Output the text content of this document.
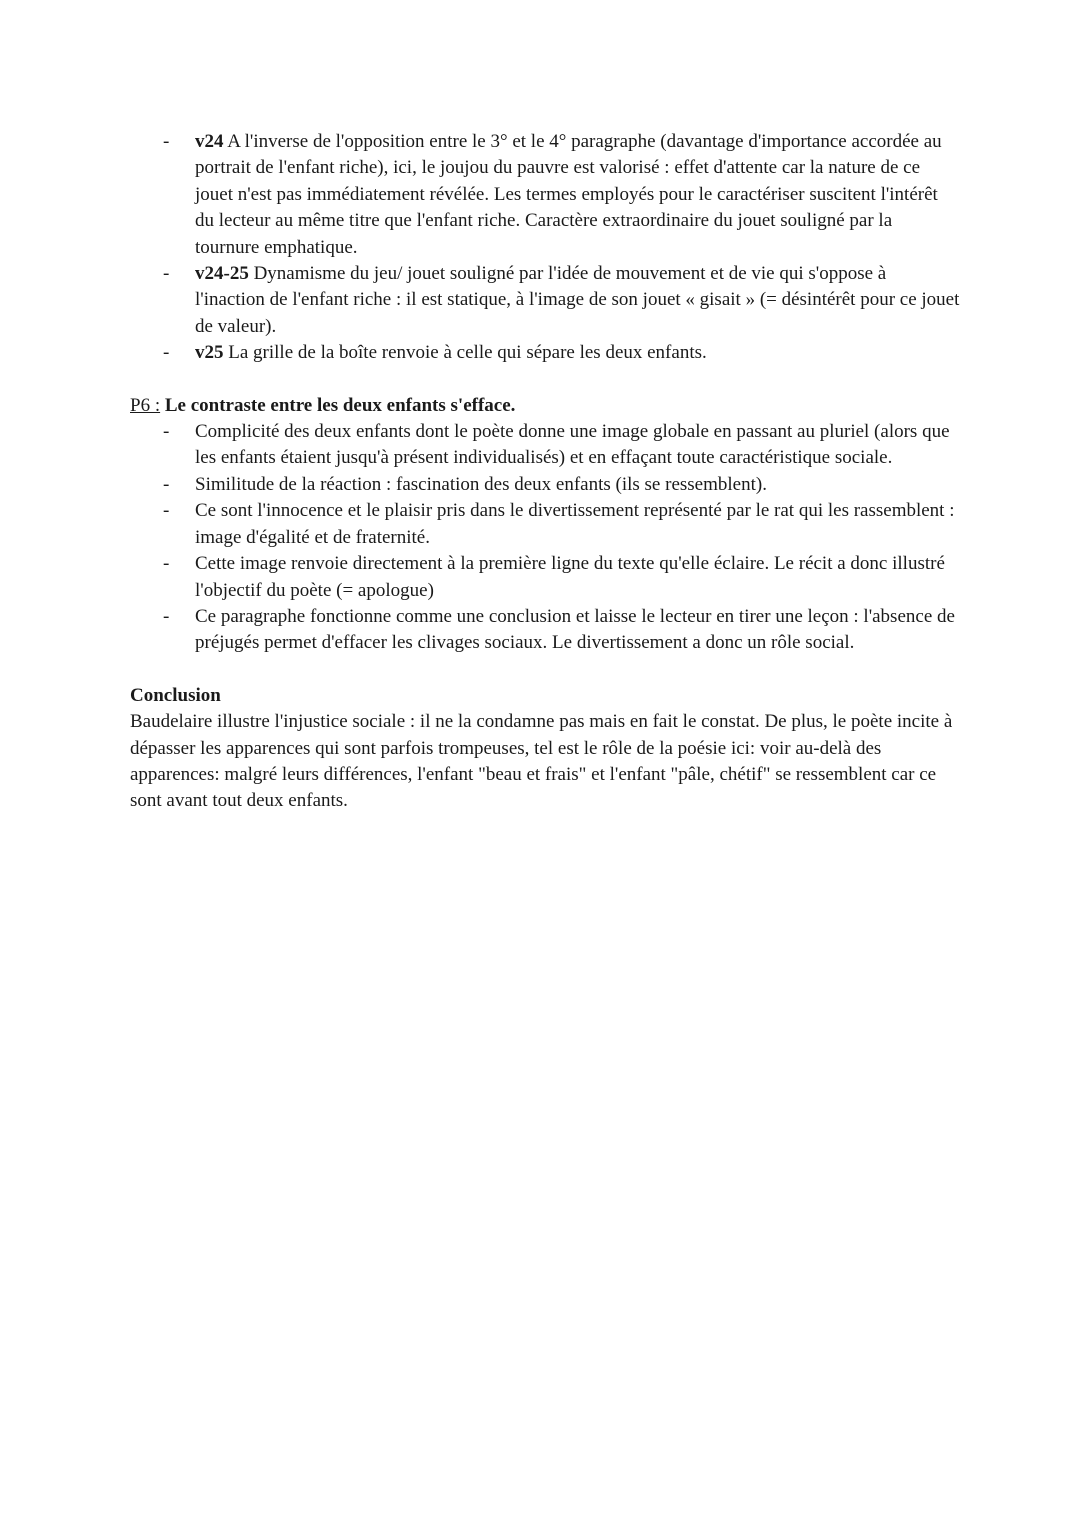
- v24 A l'inverse de l'opposition entre le 3° et le 4° paragraphe (davantage d'importance accordée au portrait de l'enfant riche), ici, le joujou du pauvre est valorisé : effet d'attente car la nature de ce jouet n'est pas immédiatement révélée. Les termes employés pour le caractériser suscitent l'intérêt du lecteur au même titre que l'enfant riche. Caractère extraordinaire du jouet souligné par la tournure emphatique.
- v24-25 Dynamisme du jeu/ jouet souligné par l'idée de mouvement et de vie qui s'oppose à l'inaction de l'enfant riche : il est statique, à l'image de son jouet « gisait » (= désintérêt pour ce jouet de valeur).
- v25 La grille de la boîte renvoie à celle qui sépare les deux enfants.

P6 : Le contraste entre les deux enfants s'efface.

- Complicité des deux enfants dont le poète donne une image globale en passant au pluriel (alors que les enfants étaient jusqu'à présent individualisés) et en effaçant toute caractéristique sociale.
- Similitude de la réaction : fascination des deux enfants (ils se ressemblent).
- Ce sont l'innocence et le plaisir pris dans le divertissement représenté par le rat qui les rassemblent : image d'égalité et de fraternité.
- Cette image renvoie directement à la première ligne du texte qu'elle éclaire. Le récit a donc illustré l'objectif du poète (= apologue)
- Ce paragraphe fonctionne comme une conclusion et laisse le lecteur en tirer une leçon : l'absence de préjugés permet d'effacer les clivages sociaux. Le divertissement a donc un rôle social.

Conclusion

Baudelaire illustre l'injustice sociale : il ne la condamne pas mais en fait le constat. De plus, le poète incite à dépasser les apparences qui sont parfois trompeuses, tel est le rôle de la poésie ici: voir au-delà des apparences: malgré leurs différences, l'enfant "beau et frais" et l'enfant "pâle, chétif" se ressemblent car ce sont avant tout deux enfants.
